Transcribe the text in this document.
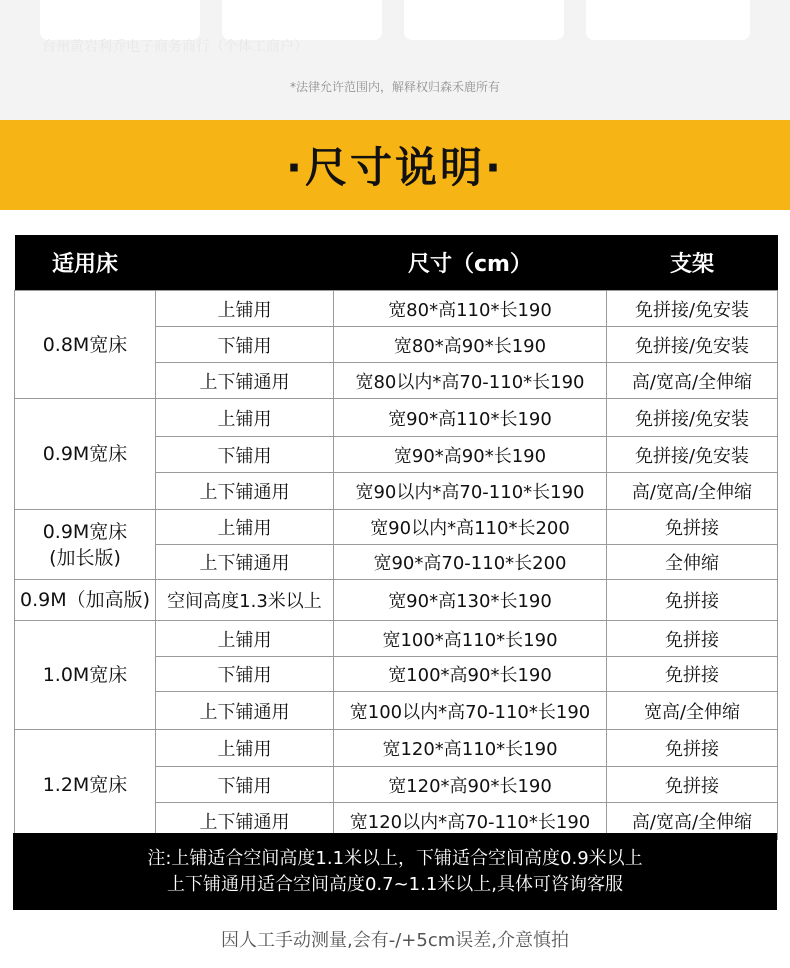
台州黄岩利乔电子商务商行（个体工商户）
*法律允许范围内，解释权归森禾鹿所有
·尺寸说明·
适用床		尺寸（cm）	支架

0.8M宽床	上铺用	宽80*高110*长190	免拼接/免安装
	下铺用	宽80*高90*长190	免拼接/免安装
	上下铺通用	宽80以内*高70-110*长190	高/宽高/全伸缩

0.9M宽床	上铺用	宽90*高110*长190	免拼接/免安装
	下铺用	宽90*高90*长190	免拼接/免安装
	上下铺通用	宽90以内*高70-110*长190	高/宽高/全伸缩

0.9M宽床
(加长版)	上铺用	宽90以内*高110*长200	免拼接
	上下铺通用	宽90*高70-110*长200	全伸缩

0.9M（加高版)	空间高度1.3米以上	宽90*高130*长190	免拼接

1.0M宽床	上铺用	宽100*高110*长190	免拼接
	下铺用	宽100*高90*长190	免拼接
	上下铺通用	宽100以内*高70-110*长190	宽高/全伸缩

1.2M宽床	上铺用	宽120*高110*长190	免拼接
	下铺用	宽120*高90*长190	免拼接
	上下铺通用	宽120以内*高70-110*长190	高/宽高/全伸缩
注:上铺适合空间高度1.1米以上，下铺适合空间高度0.9米以上
上下铺通用适合空间高度0.7~1.1米以上,具体可咨询客服
因人工手动测量,会有-/+5cm误差,介意慎拍
